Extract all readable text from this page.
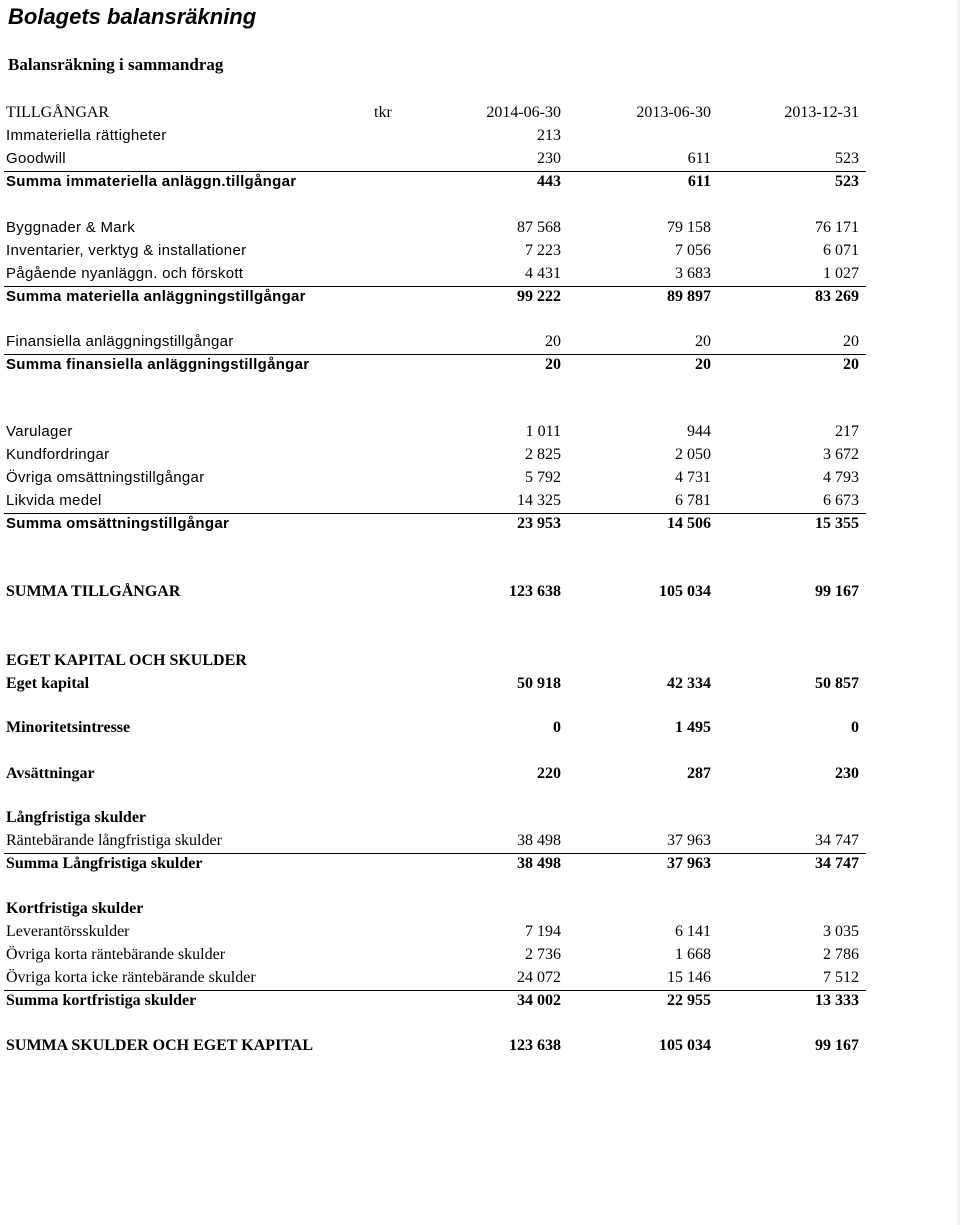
Bolagets balansräkning
Balansräkning i sammandrag
TILLGÅNGAR	tkr	2014-06-30	2013-06-30	2013-12-31
Immateriella rättigheter	213
Goodwill	230	611	523
Summa immateriella anläggn.tillgångar	443	611	523
Byggnader & Mark	87 568	79 158	76 171
Inventarier, verktyg & installationer	7 223	7 056	6 071
Pågående nyanläggn. och förskott	4 431	3 683	1 027
Summa materiella anläggningstillgångar	99 222	89 897	83 269
Finansiella anläggningstillgångar	20	20	20
Summa finansiella anläggningstillgångar	20	20	20
Varulager	1 011	944	217
Kundfordringar	2 825	2 050	3 672
Övriga omsättningstillgångar	5 792	4 731	4 793
Likvida medel	14 325	6 781	6 673
Summa omsättningstillgångar	23 953	14 506	15 355
SUMMA TILLGÅNGAR	123 638	105 034	99 167
EGET KAPITAL OCH SKULDER
Eget kapital	50 918	42 334	50 857
Minoritetsintresse	0	1 495	0
Avsättningar	220	287	230
Långfristiga skulder
Räntebärande långfristiga skulder	38 498	37 963	34 747
Summa Långfristiga skulder	38 498	37 963	34 747
Kortfristiga skulder
Leverantörsskulder	7 194	6 141	3 035
Övriga korta räntebärande skulder	2 736	1 668	2 786
Övriga korta icke räntebärande skulder	24 072	15 146	7 512
Summa kortfristiga skulder	34 002	22 955	13 333
SUMMA SKULDER OCH EGET KAPITAL	123 638	105 034	99 167
